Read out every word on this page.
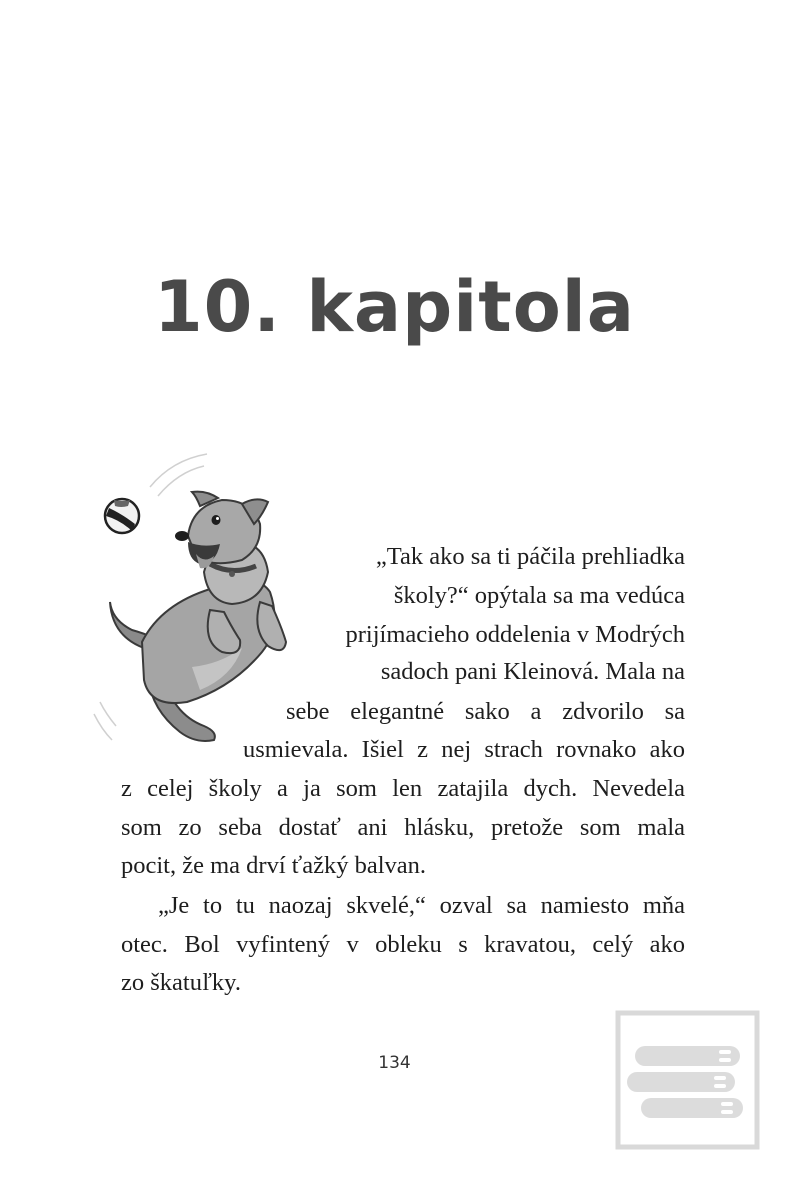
10. kapitola

„Tak ako sa ti páčila prehliadka

školy?“ opýtala sa ma vedúca

prijímacieho oddelenia v Modrých

sadoch pani Kleinová. Mala na

sebe elegantné sako a zdvorilo sa

usmievala. Išiel z nej strach rovnako ako

z celej školy a ja som len zatajila dych. Nevedela

som zo seba dostať ani hlásku, pretože som mala

pocit, že ma drví ťažký balvan.

„Je to tu naozaj skvelé,“ ozval sa namiesto mňa

otec. Bol vyfintený v obleku s kravatou, celý ako

zo škatuľky.

134
